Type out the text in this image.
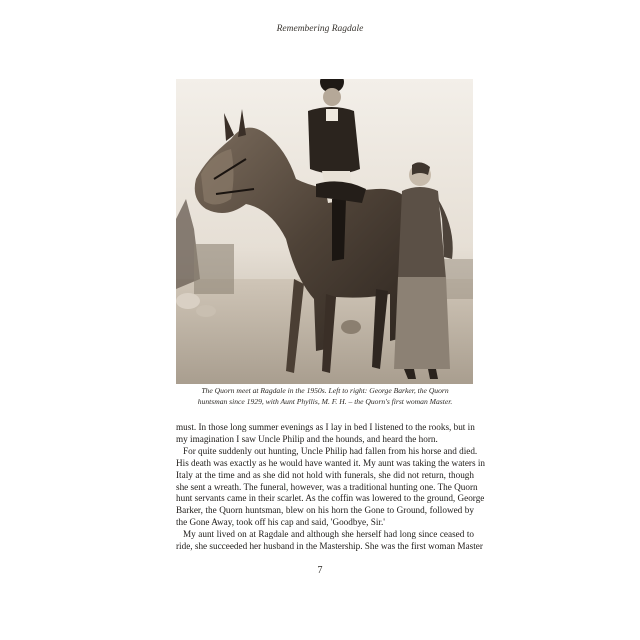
Remembering Ragdale

The Quorn meet at Ragdale in the 1950s. Left to right: George Barker, the Quorn

huntsman since 1929, with Aunt Phyllis, M. F. H. – the Quorn's first woman Master.

must. In those long summer evenings as I lay in bed I listened to the rooks, but in
my imagination I saw Uncle Philip and the hounds, and heard the horn.
For quite suddenly out hunting, Uncle Philip had fallen from his horse and died.
His death was exactly as he would have wanted it. My aunt was taking the waters in
Italy at the time and as she did not hold with funerals, she did not return, though
she sent a wreath. The funeral, however, was a traditional hunting one. The Quorn
hunt servants came in their scarlet. As the coffin was lowered to the ground, George
Barker, the Quorn huntsman, blew on his horn the Gone to Ground, followed by
the Gone Away, took off his cap and said, 'Goodbye, Sir.'
My aunt lived on at Ragdale and although she herself had long since ceased to
ride, she succeeded her husband in the Mastership. She was the first woman Master
7
